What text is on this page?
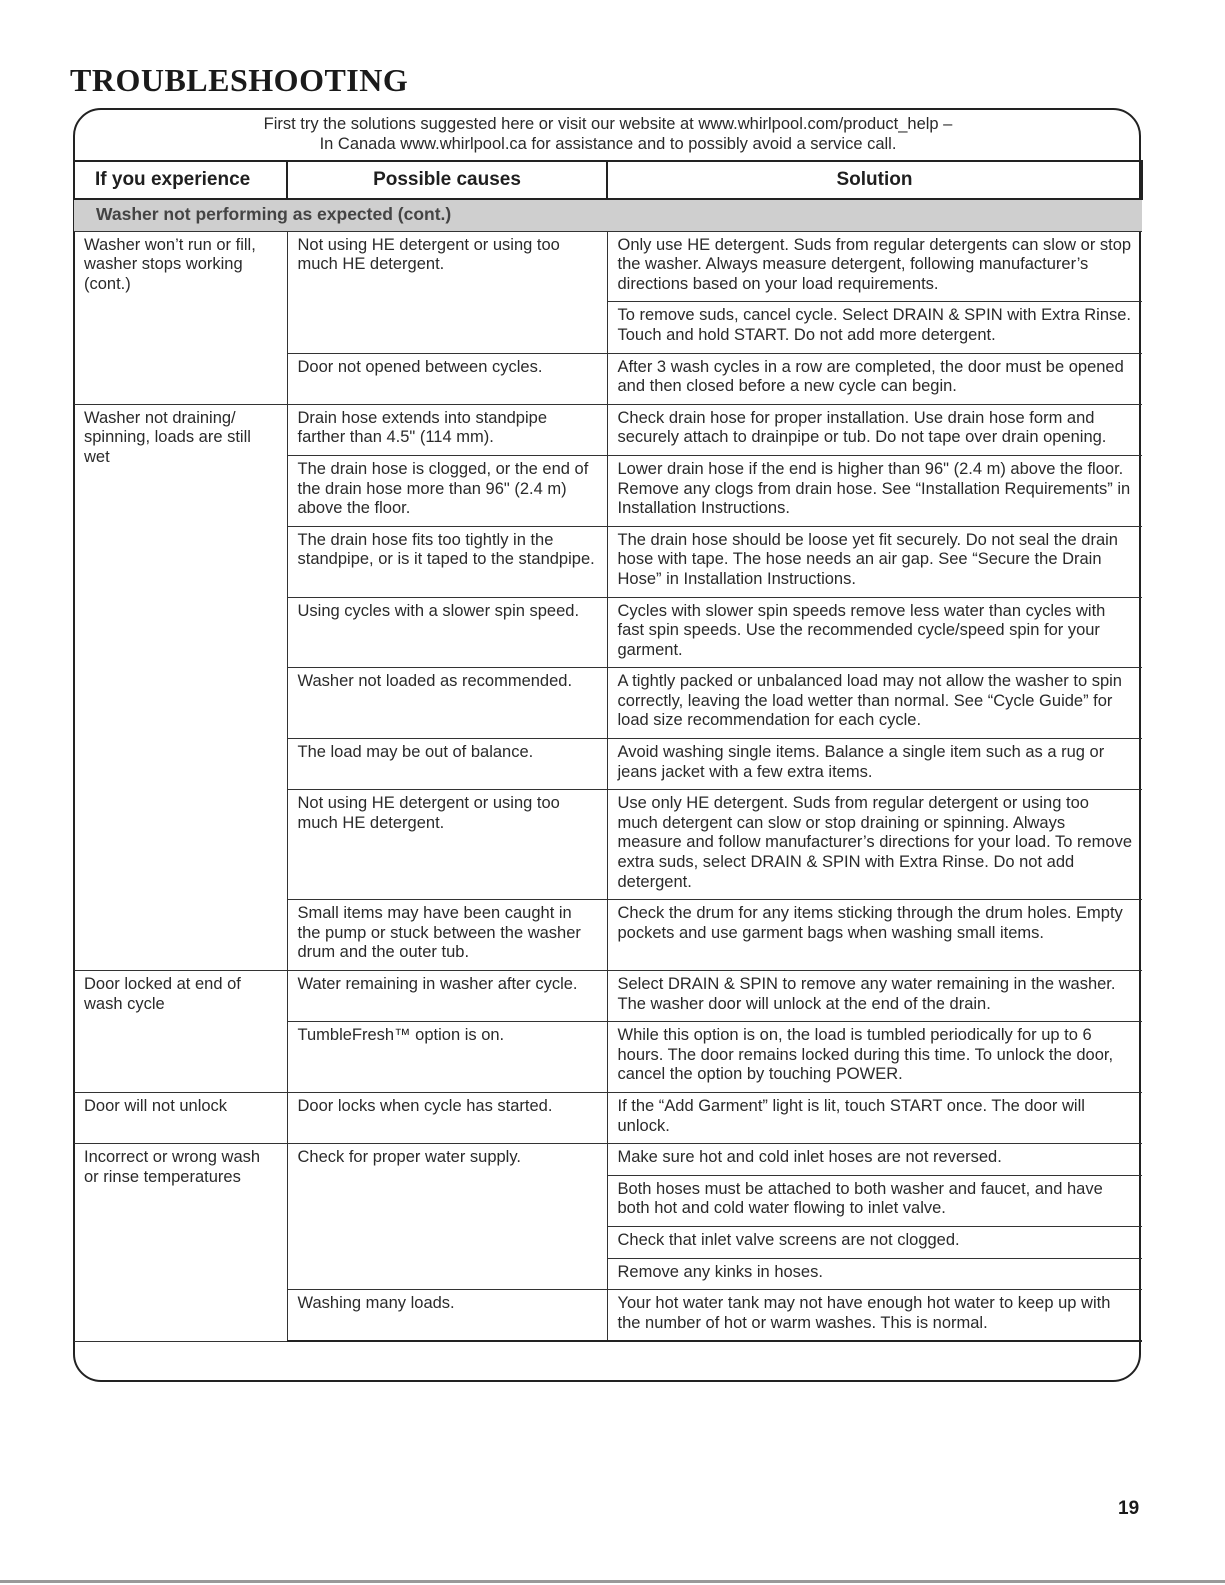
TROUBLESHOOTING
First try the solutions suggested here or visit our website at www.whirlpool.com/product_help –
In Canada www.whirlpool.ca for assistance and to possibly avoid a service call.
If you experience	Possible causes	Solution
Washer not performing as expected (cont.)		
Washer won’t run or fill, washer stops working (cont.)	Not using HE detergent or using too much HE detergent.	Only use HE detergent. Suds from regular detergents can slow or stop the washer. Always measure detergent, following manufacturer’s directions based on your load requirements.
		To remove suds, cancel cycle. Select DRAIN & SPIN with Extra Rinse. Touch and hold START. Do not add more detergent.
	Door not opened between cycles.	After 3 wash cycles in a row are completed, the door must be opened and then closed before a new cycle can begin.
Washer not draining/ spinning, loads are still wet	Drain hose extends into standpipe farther than 4.5" (114 mm).	Check drain hose for proper installation. Use drain hose form and securely attach to drainpipe or tub. Do not tape over drain opening.
	The drain hose is clogged, or the end of the drain hose more than 96" (2.4 m) above the floor.	Lower drain hose if the end is higher than 96" (2.4 m) above the floor. Remove any clogs from drain hose. See “Installation Requirements” in Installation Instructions.
	The drain hose fits too tightly in the standpipe, or is it taped to the standpipe.	The drain hose should be loose yet fit securely. Do not seal the drain hose with tape. The hose needs an air gap. See “Secure the Drain Hose” in Installation Instructions.
	Using cycles with a slower spin speed.	Cycles with slower spin speeds remove less water than cycles with fast spin speeds. Use the recommended cycle/speed spin for your garment.
	Washer not loaded as recommended.	A tightly packed or unbalanced load may not allow the washer to spin correctly, leaving the load wetter than normal. See “Cycle Guide” for load size recommendation for each cycle.
	The load may be out of balance.	Avoid washing single items. Balance a single item such as a rug or jeans jacket with a few extra items.
	Not using HE detergent or using too much HE detergent.	Use only HE detergent. Suds from regular detergent or using too much detergent can slow or stop draining or spinning. Always measure and follow manufacturer’s directions for your load. To remove extra suds, select DRAIN & SPIN with Extra Rinse. Do not add detergent.
	Small items may have been caught in the pump or stuck between the washer drum and the outer tub.	Check the drum for any items sticking through the drum holes. Empty pockets and use garment bags when washing small items.
Door locked at end of wash cycle	Water remaining in washer after cycle.	Select DRAIN & SPIN to remove any water remaining in the washer. The washer door will unlock at the end of the drain.
	TumbleFresh™ option is on.	While this option is on, the load is tumbled periodically for up to 6 hours. The door remains locked during this time. To unlock the door, cancel the option by touching POWER.
Door will not unlock	Door locks when cycle has started.	If the “Add Garment” light is lit, touch START once. The door will unlock.
Incorrect or wrong wash or rinse temperatures	Check for proper water supply.	Make sure hot and cold inlet hoses are not reversed.
		Both hoses must be attached to both washer and faucet, and have both hot and cold water flowing to inlet valve.
		Check that inlet valve screens are not clogged.
		Remove any kinks in hoses.
	Washing many loads.	Your hot water tank may not have enough hot water to keep up with the number of hot or warm washes. This is normal.
19
